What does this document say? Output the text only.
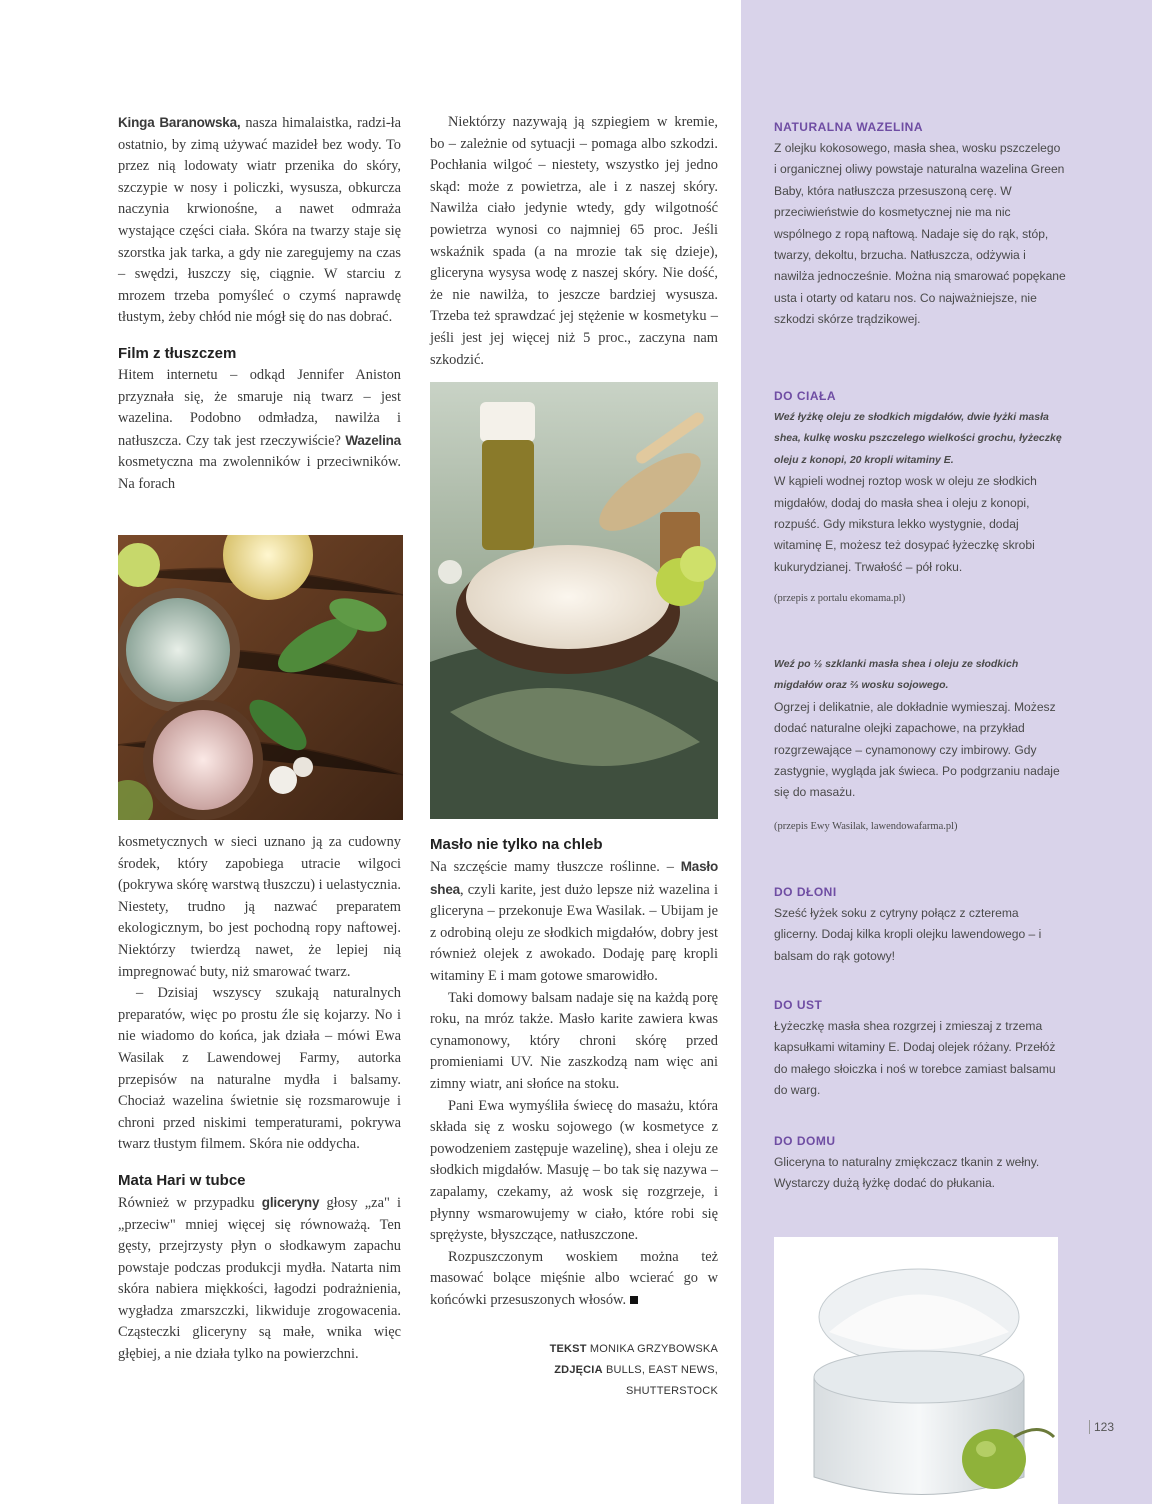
Kinga Baranowska, nasza himalaistka, radzi-ła ostatnio, by zimą używać mazideł bez wody. To przez nią lodowaty wiatr przenika do skóry, szczypie w nosy i policzki, wysusza, obkurcza naczynia krwionośne, a nawet odmraża wystające części ciała. Skóra na twarzy staje się szorstka jak tarka, a gdy nie zaregujemy na czas – swędzi, łuszczy się, ciągnie. W starciu z mrozem trzeba pomyśleć o czymś naprawdę tłustym, żeby chłód nie mógł się do nas dobrać.

Film z tłuszczem

Hitem internetu – odkąd Jennifer Aniston przyznała się, że smaruje nią twarz – jest wazelina. Podobno odmładza, nawilża i natłuszcza. Czy tak jest rzeczywiście? Wazelina kosmetyczna ma zwolenników i przeciwników. Na forach

kosmetycznych w sieci uznano ją za cudowny środek, który zapobiega utracie wilgoci (pokrywa skórę warstwą tłuszczu) i uelastycznia. Niestety, trudno ją nazwać preparatem ekologicznym, bo jest pochodną ropy naftowej. Niektórzy twierdzą nawet, że lepiej nią impregnować buty, niż smarować twarz.

– Dzisiaj wszyscy szukają naturalnych preparatów, więc po prostu źle się kojarzy. No i nie wiadomo do końca, jak działa – mówi Ewa Wasilak z Lawendowej Farmy, autorka przepisów na naturalne mydła i balsamy. Chociaż wazelina świetnie się rozsmarowuje i chroni przed niskimi temperaturami, pokrywa twarz tłustym filmem. Skóra nie oddycha.

Mata Hari w tubce

Również w przypadku gliceryny głosy „za" i „przeciw" mniej więcej się równoważą. Ten gęsty, przejrzysty płyn o słodkawym zapachu powstaje podczas produkcji mydła. Natarta nim skóra nabiera miękkości, łagodzi podrażnienia, wygładza zmarszczki, likwiduje zrogowacenia. Cząsteczki gliceryny są małe, wnika więc głębiej, a nie działa tylko na powierzchni.

Niektórzy nazywają ją szpiegiem w kremie, bo – zależnie od sytuacji – pomaga albo szkodzi. Pochłania wilgoć – niestety, wszystko jej jedno skąd: może z powietrza, ale i z naszej skóry. Nawilża ciało jedynie wtedy, gdy wilgotność powietrza wynosi co najmniej 65 proc. Jeśli wskaźnik spada (a na mrozie tak się dzieje), gliceryna wysysa wodę z naszej skóry. Nie dość, że nie nawilża, to jeszcze bardziej wysusza. Trzeba też sprawdzać jej stężenie w kosmetyku – jeśli jest jej więcej niż 5 proc., zaczyna nam szkodzić.

Masło nie tylko na chleb

Na szczęście mamy tłuszcze roślinne. – Masło shea, czyli karite, jest dużo lepsze niż wazelina i gliceryna – przekonuje Ewa Wasilak. – Ubijam je z odrobiną oleju ze słodkich migdałów, dobry jest również olejek z awokado. Dodaję parę kropli witaminy E i mam gotowe smarowidło.

Taki domowy balsam nadaje się na każdą porę roku, na mróz także. Masło karite zawiera kwas cynamonowy, który chroni skórę przed promieniami UV. Nie zaszkodzą nam więc ani zimny wiatr, ani słońce na stoku.

Pani Ewa wymyśliła świecę do masażu, która składa się z wosku sojowego (w kosmetyce z powodzeniem zastępuje wazelinę), shea i oleju ze słodkich migdałów. Masuję – bo tak się nazywa – zapalamy, czekamy, aż wosk się rozgrzeje, i płynny wsmarowujemy w ciało, które robi się sprężyste, błyszczące, natłuszczone.

Rozpuszczonym woskiem można też masować bolące mięśnie albo wcierać go w końcówki przesuszonych włosów.

TEKST MONIKA GRZYBOWSKA
ZDJĘCIA BULLS, EAST NEWS,
SHUTTERSTOCK
NATURALNA WAZELINA

Z olejku kokosowego, masła shea, wosku pszczelego i organicznej oliwy powstaje naturalna wazelina Green Baby, która natłuszcza przesuszoną cerę. W przeciwieństwie do kosmetycznej nie ma nic wspólnego z ropą naftową. Nadaje się do rąk, stóp, twarzy, dekoltu, brzucha. Natłuszcza, odżywia i nawilża jednocześnie. Można nią smarować popękane usta i otarty od kataru nos. Co najważniejsze, nie szkodzi skórze trądzikowej.

DO CIAŁA

Weź łyżkę oleju ze słodkich migdałów, dwie łyżki masła shea, kulkę wosku pszczelego wielkości grochu, łyżeczkę oleju z konopi, 20 kropli witaminy E.

W kąpieli wodnej roztop wosk w oleju ze słodkich migdałów, dodaj do masła shea i oleju z konopi, rozpuść. Gdy mikstura lekko wystygnie, dodaj witaminę E, możesz też dosypać łyżeczkę skrobi kukurydzianej. Trwałość – pół roku.

(przepis z portalu ekomama.pl)

Weź po ½ szklanki masła shea i oleju ze słodkich migdałów oraz ⅔ wosku sojowego.

Ogrzej i delikatnie, ale dokładnie wymieszaj. Możesz dodać naturalne olejki zapachowe, na przykład rozgrzewające – cynamonowy czy imbirowy. Gdy zastygnie, wygląda jak świeca. Po podgrzaniu nadaje się do masażu.

(przepis Ewy Wasilak, lawendowafarma.pl)

DO DŁONI

Sześć łyżek soku z cytryny połącz z czterema glicerny. Dodaj kilka kropli olejku lawendowego – i balsam do rąk gotowy!

DO UST

Łyżeczkę masła shea rozgrzej i zmieszaj z trzema kapsułkami witaminy E. Dodaj olejek różany. Przełóż do małego słoiczka i noś w torebce zamiast balsamu do warg.

DO DOMU

Gliceryna to naturalny zmiękczacz tkanin z wełny. Wystarczy dużą łyżkę dodać do płukania.

123
